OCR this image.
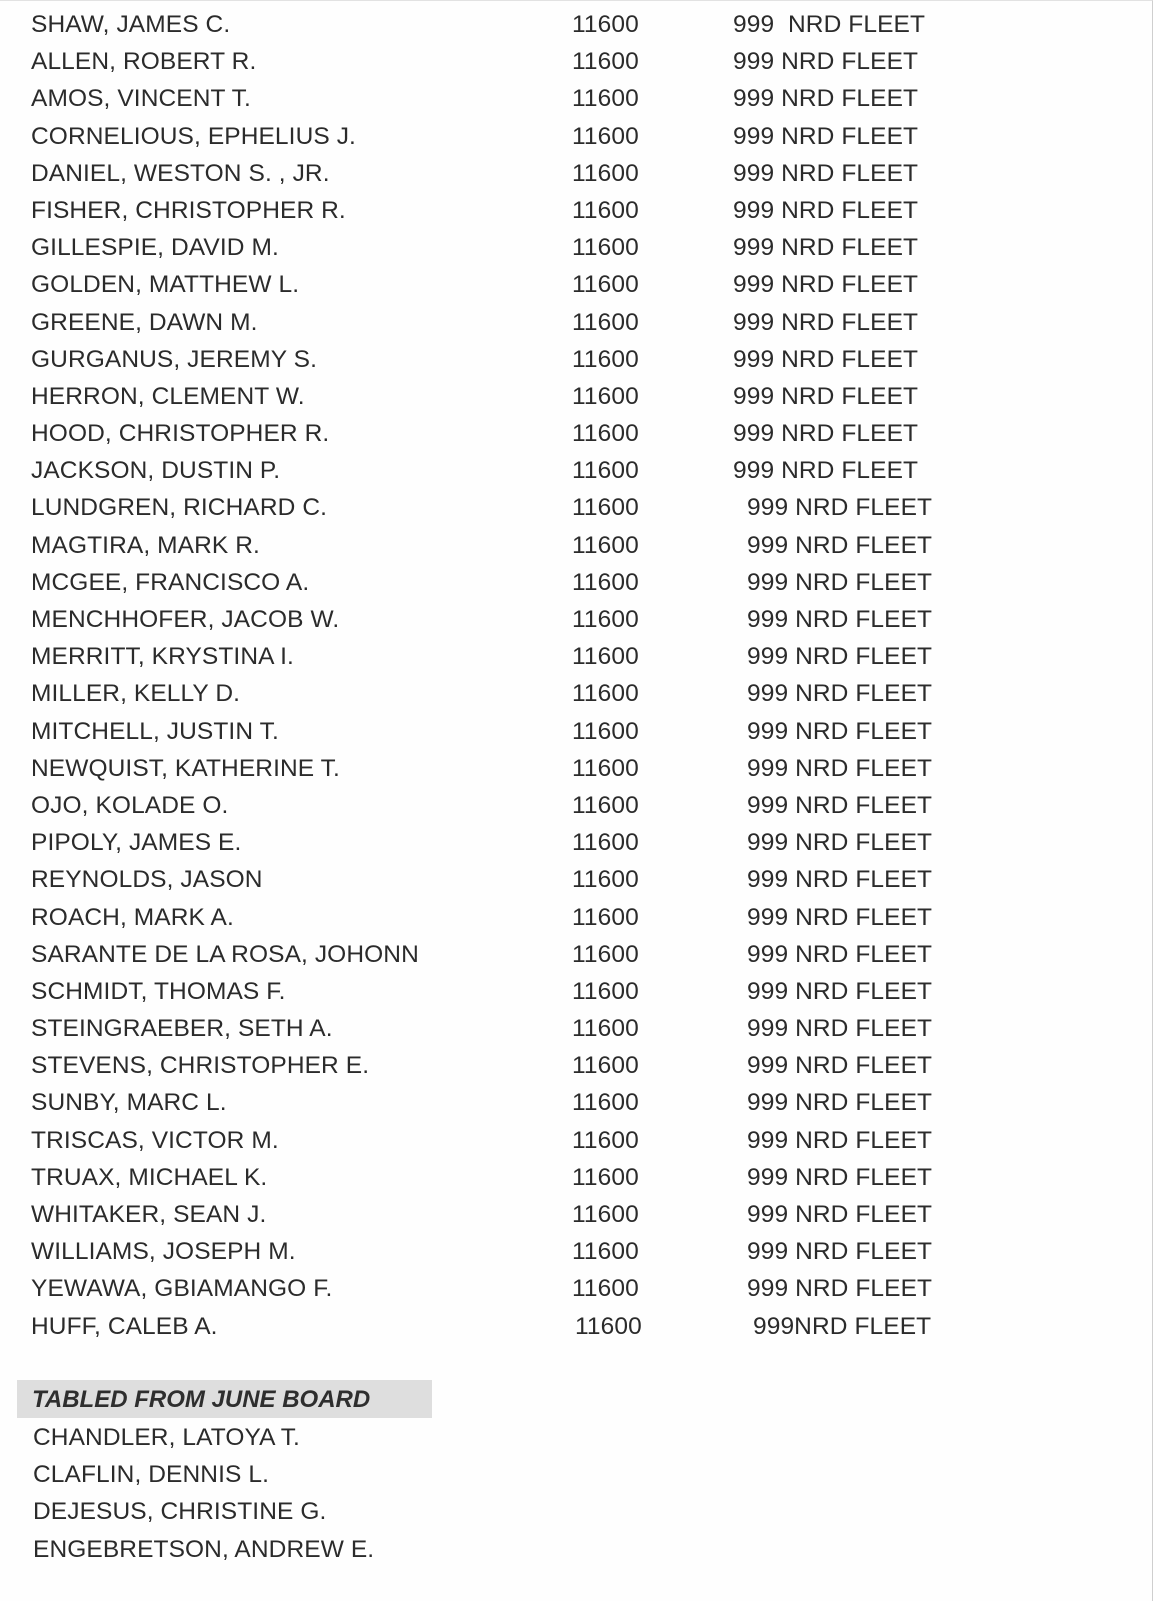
SHAW, JAMES C.	11600	999  NRD FLEET
ALLEN, ROBERT R.	11600	999 NRD FLEET
AMOS, VINCENT T.	11600	999 NRD FLEET
CORNELIOUS, EPHELIUS J.	11600	999 NRD FLEET
DANIEL, WESTON S. , JR.	11600	999 NRD FLEET
FISHER, CHRISTOPHER R.	11600	999 NRD FLEET
GILLESPIE, DAVID M.	11600	999 NRD FLEET
GOLDEN, MATTHEW L.	11600	999 NRD FLEET
GREENE, DAWN M.	11600	999 NRD FLEET
GURGANUS, JEREMY S.	11600	999 NRD FLEET
HERRON, CLEMENT W.	11600	999 NRD FLEET
HOOD, CHRISTOPHER R.	11600	999 NRD FLEET
JACKSON, DUSTIN P.	11600	999 NRD FLEET
LUNDGREN, RICHARD C.	11600	999 NRD FLEET
MAGTIRA, MARK R.	11600	999 NRD FLEET
MCGEE, FRANCISCO A.	11600	999 NRD FLEET
MENCHHOFER, JACOB W.	11600	999 NRD FLEET
MERRITT, KRYSTINA I.	11600	999 NRD FLEET
MILLER, KELLY D.	11600	999 NRD FLEET
MITCHELL, JUSTIN T.	11600	999 NRD FLEET
NEWQUIST, KATHERINE T.	11600	999 NRD FLEET
OJO, KOLADE O.	11600	999 NRD FLEET
PIPOLY, JAMES E.	11600	999 NRD FLEET
REYNOLDS, JASON	11600	999 NRD FLEET
ROACH, MARK A.	11600	999 NRD FLEET
SARANTE DE LA ROSA, JOHONN	11600	999 NRD FLEET
SCHMIDT, THOMAS F.	11600	999 NRD FLEET
STEINGRAEBER, SETH A.	11600	999 NRD FLEET
STEVENS, CHRISTOPHER E.	11600	999 NRD FLEET
SUNBY, MARC L.	11600	999 NRD FLEET
TRISCAS, VICTOR M.	11600	999 NRD FLEET
TRUAX, MICHAEL K.	11600	999 NRD FLEET
WHITAKER, SEAN J.	11600	999 NRD FLEET
WILLIAMS, JOSEPH M.	11600	999 NRD FLEET
YEWAWA, GBIAMANGO F.	11600	999 NRD FLEET
HUFF, CALEB A.	11600	999NRD FLEET
TABLED FROM JUNE BOARD
CHANDLER, LATOYA T.
CLAFLIN, DENNIS L.
DEJESUS, CHRISTINE G.
ENGEBRETSON, ANDREW E.
